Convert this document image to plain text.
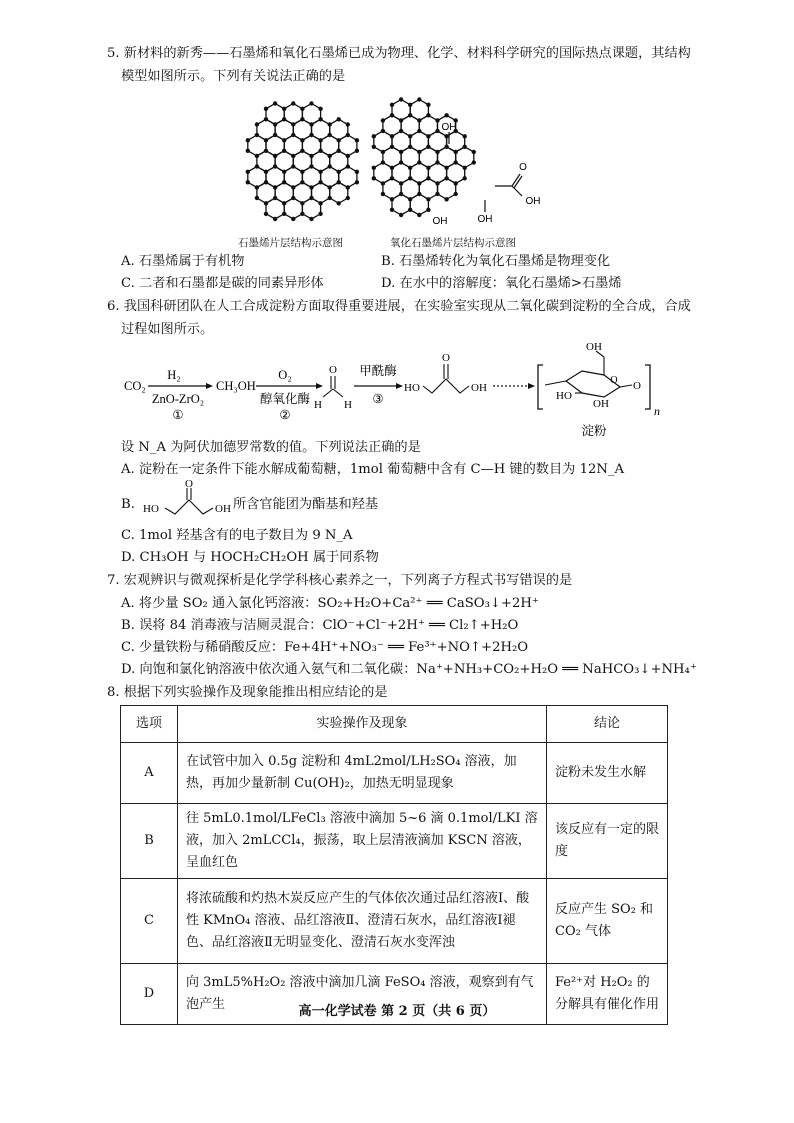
5. 新材料的新秀——石墨烯和氧化石墨烯已成为物理、化学、材料科学研究的国际热点课题，其结构
模型如图所示。下列有关说法正确的是
OH
OH
O
OH
OH
石墨烯片层结构示意图	氧化石墨烯片层结构示意图
A. 石墨烯属于有机物	B. 石墨烯转化为氧化石墨烯是物理变化
C. 二者和石墨都是碳的同素异形体	D. 在水中的溶解度：氧化石墨烯>石墨烯
6. 我国科研团队在人工合成淀粉方面取得重要进展，在实验室实现从二氧化碳到淀粉的全合成，合成
过程如图所示。
CO₂
H₂
ZnO-ZrO₂
①
CH₃OH
O₂
醇氧化酶
②
O
H H
甲酰酶
③
HO
O
OH
OH
HO
OH
O O
n
淀粉
设 N_A 为阿伏加德罗常数的值。下列说法正确的是
A. 淀粉在一定条件下能水解成葡萄糖，1mol 葡萄糖中含有 C—H 键的数目为 12N_A
B. HO
O
OH 所含官能团为酯基和羟基
C. 1mol 羟基含有的电子数目为 9 N_A
D. CH₃OH 与 HOCH₂CH₂OH 属于同系物
7. 宏观辨识与微观探析是化学学科核心素养之一，下列离子方程式书写错误的是
A. 将少量 SO₂ 通入氯化钙溶液：SO₂+H₂O+Ca²⁺ ══ CaSO₃↓+2H⁺
B. 误将 84 消毒液与洁厕灵混合：ClO⁻+Cl⁻+2H⁺ ══ Cl₂↑+H₂O
C. 少量铁粉与稀硝酸反应：Fe+4H⁺+NO₃⁻ ══ Fe³⁺+NO↑+2H₂O
D. 向饱和氯化钠溶液中依次通入氨气和二氧化碳：Na⁺+NH₃+CO₂+H₂O ══ NaHCO₃↓+NH₄⁺
8. 根据下列实验操作及现象能推出相应结论的是
选项	实验操作及现象	结论
A	在试管中加入 0.5g 淀粉和 4mL2mol/LH₂SO₄ 溶液，加热，再加少量新制 Cu(OH)₂，加热无明显现象	淀粉未发生水解
B	往 5mL0.1mol/LFeCl₃ 溶液中滴加 5~6 滴 0.1mol/LKI 溶液，加入 2mLCCl₄，振荡，取上层清液滴加 KSCN 溶液，呈血红色	该反应有一定的限度
C	将浓硫酸和灼热木炭反应产生的气体依次通过品红溶液Ⅰ、酸性 KMnO₄ 溶液、品红溶液Ⅱ、澄清石灰水，品红溶液Ⅰ褪色、品红溶液Ⅱ无明显变化、澄清石灰水变浑浊	反应产生 SO₂ 和 CO₂ 气体
D	向 3mL5%H₂O₂ 溶液中滴加几滴 FeSO₄ 溶液，观察到有气泡产生	Fe²⁺对 H₂O₂ 的分解具有催化作用
高一化学试卷 第 2 页（共 6 页）
